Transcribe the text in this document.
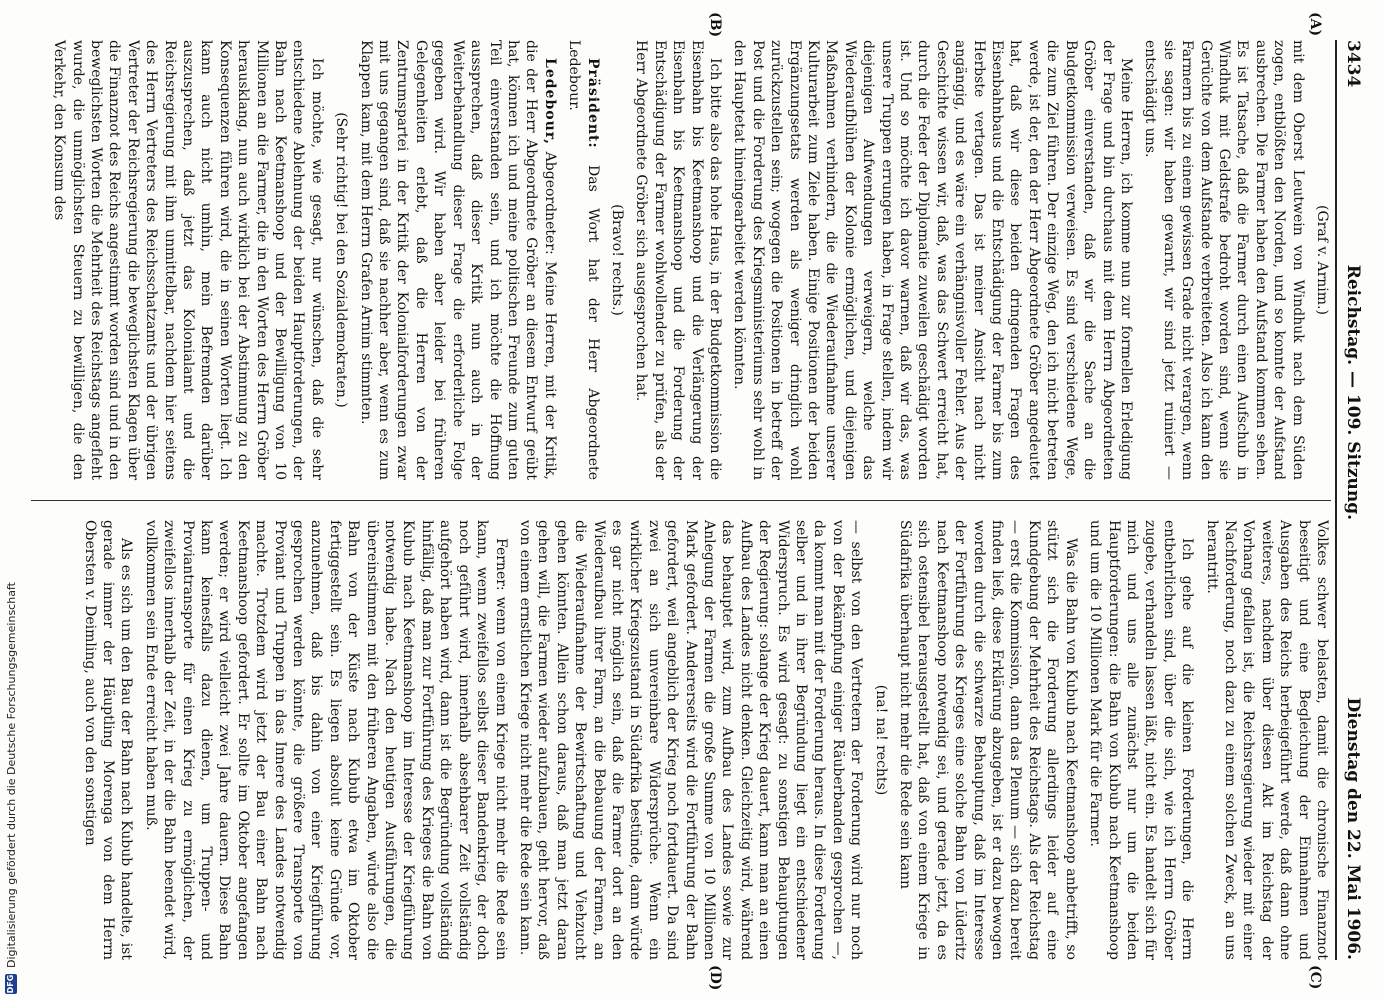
3434
Reichstag. — 109. Sitzung.
Dienstag den 22. Mai 1906.
(A)
(B)
(C)
(D)

(Graf v. Arnim.)

mit dem Oberst Leutwein von Windhuk nach dem Süden zogen, entblößten den Norden, und so konnte der Aufstand ausbrechen. Die Farmer haben den Aufstand kommen sehen. Es ist Tatsache, daß die Farmer durch einen Aufschub in Windhuk mit Geldstrafe bedroht worden sind, wenn sie Gerüchte von dem Aufstande verbreiteten. Also ich kann den Farmern bis zu einem gewissen Grade nicht verargen, wenn sie sagen: wir haben gewarnt, wir sind jetzt ruiniert — entschädigt uns.

Meine Herren, ich komme nun zur formellen Erledigung der Frage und bin durchaus mit dem Herrn Abgeordneten Gröber einverstanden, daß wir die Sache an die Budgetkommission verweisen. Es sind verschiedene Wege, die zum Ziel führen. Der einzige Weg, den ich nicht betreten werde, ist der, den der Herr Abgeordnete Gröber angedeutet hat, daß wir diese beiden dringenden Fragen des Eisenbahnbaus und die Entschädigung der Farmer bis zum Herbste vertagen. Das ist meiner Ansicht nach nicht angängig, und es wäre ein verhängnisvoller Fehler. Aus der Geschichte wissen wir, daß, was das Schwert erreicht hat, durch die Feder der Diplomatie zuweilen geschädigt worden ist. Und so möchte ich davor warnen, daß wir das, was unsere Truppen errungen haben, in Frage stellen, indem wir diejenigen Aufwendungen verweigern, welche das Wiederaufblühen der Kolonie ermöglichen, und diejenigen Maßnahmen verhindern, die die Wiederaufnahme unserer Kulturarbeit zum Ziele haben. Einige Positionen der beiden Ergänzungsetats werden als weniger dringlich wohl zurückzustellen sein; wogegen die Positionen in betreff der Post und die Forderung des Kriegsministeriums sehr wohl in den Hauptetat hineingearbeitet werden könnten.

Ich bitte also das hohe Haus, in der Budgetkommission die Eisenbahn bis Keetmanshoop und die Verlängerung der Eisenbahn bis Keetmanshoop und die Forderung der Entschädigung der Farmer wohlwollender zu prüfen, als der Herr Abgeordnete Gröber sich ausgesprochen hat.

(Bravo! rechts.)

Präsident: Das Wort hat der Herr Abgeordnete Ledebour.

Ledebour, Abgeordneter: Meine Herren, mit der Kritik, die der Herr Abgeordnete Gröber an diesem Entwurf geübt hat, können ich und meine politischen Freunde zum guten Teil einverstanden sein, und ich möchte die Hoffnung aussprechen, daß dieser Kritik nun auch in der Weiterbehandlung dieser Frage die erforderliche Folge gegeben wird. Wir haben aber leider bei früheren Gelegenheiten erlebt, daß die Herren von der Zentrumspartei in der Kritik der Kolonialforderungen zwar mit uns gegangen sind, daß sie nachher aber, wenn es zum Klappen kam, mit dem Herrn Grafen Arnim stimmten.

(Sehr richtig! bei den Sozialdemokraten.)

Ich möchte, wie gesagt, nur wünschen, daß die sehr entschiedene Ablehnung der beiden Hauptforderungen, der Bahn nach Keetmanshoop und der Bewilligung von 10 Millionen an die Farmer, die in den Worten des Herrn Gröber herausklang, nun auch wirklich bei der Abstimmung zu den Konsequenzen führen wird, die in seinen Worten liegt. Ich kann auch nicht umhin, mein Befremden darüber auszusprechen, daß jetzt das Kolonialamt und die Reichsregierung mit ihm unmittelbar, nachdem hier seitens des Herrn Vertreters des Reichsschatzamts und der übrigen Vertreter der Reichsregierung die beweglichsten Klagen über die Finanznot des Reichs angestimmt worden sind und in den beweglichsten Worten die Mehrheit des Reichstags angefleht wurde, die unmöglichsten Steuern zu bewilligen, die den Verkehr, den Konsum des

Volkes schwer belasten, damit die chronische Finanznot beseitigt und eine Begleichung der Einnahmen und Ausgaben des Reichs herbeigeführt werde, daß dann ohne weiteres, nachdem über diesen Akt im Reichstag der Vorhang gefallen ist, die Reichsregierung wieder mit einer Nachforderung, noch dazu zu einem solchen Zweck, an uns herantritt.

Ich gehe auf die kleinen Forderungen, die Herrn entbehrlichen sind, über die sich, wie ich Herrn Gröber zugebe, verhandeln lassen läßt, nicht ein. Es handelt sich für mich und uns alle zunächst nur um die beiden Hauptforderungen: die Bahn von Kubub nach Keetmanshoop und um die 10 Millionen Mark für die Farmer.

Was die Bahn von Kubub nach Keetmanshoop anbetrifft, so stützt sich die Forderung allerdings leider auf eine Kundgebung der Mehrheit des Reichstags. Als der Reichstag — erst die Kommission, dann das Plenum — sich dazu bereit finden ließ, diese Erklärung abzugeben, ist er dazu bewogen worden durch die schwarze Behauptung, daß im Interesse der Fortführung des Krieges eine solche Bahn von Lüderitz nach Keetmanshoop notwendig sei, und gerade jetzt, da es sich ostensibel herausgestellt hat, daß von einem Kriege in Südafrika überhaupt nicht mehr die Rede sein kann

(na! na! rechts)

— selbst von den Vertretern der Forderung wird nur noch von der Bekämpfung einiger Räuberbanden gesprochen —, da kommt man mit der Forderung heraus. In diese Forderung selber und in ihrer Begründung liegt ein entschiedener Widerspruch. Es wird gesagt: zu sonstigen Behauptungen der Regierung: solange der Krieg dauert, kann man an einen Aufbau des Landes nicht denken. Gleichzeitig wird, während das behauptet wird, zum Aufbau des Landes sowie zur Anlegung der Farmen die große Summe von 10 Millionen Mark gefordert. Andererseits wird die Fortführung der Bahn gefordert, weil angeblich der Krieg noch fortdauert. Da sind zwei an sich unvereinbare Widersprüche. Wenn ein wirklicher Kriegszustand in Südafrika bestünde, dann würde es gar nicht möglich sein, daß die Farmer dort an den Wiederaufbau ihrer Farm, an die Bebauung der Farmen, an die Wiederaufnahme der Bewirtschaftung und Viehzucht gehen könnten. Allein schon daraus, daß man jetzt daran gehen will, die Farmen wieder aufzubauen, geht hervor, daß von einem ernstlichen Kriege nicht mehr die Rede sein kann.

Ferner: wenn von einem Kriege nicht mehr die Rede sein kann, wenn zweifellos selbst dieser Bandenkrieg, der doch noch geführt wird, innerhalb absehbarer Zeit vollständig aufgehört haben wird, dann ist die Begründung vollständig hinfällig, daß man zur Fortführung des Krieges die Bahn von Kubub nach Keetmanshoop im Interesse der Kriegführung notwendig habe. Nach den heutigen Ausführungen, die übereinstimmen mit den früheren Angaben, würde also die Bahn von der Küste nach Kubub etwa im Oktober fertiggestellt sein. Es liegen absolut keine Gründe vor, anzunehmen, daß bis dahin von einer Kriegführung gesprochen werden könnte, die größere Transporte von Proviant und Truppen in das Innere des Landes notwendig machte. Trotzdem wird jetzt der Bau einer Bahn nach Keetmanshoop gefordert. Er sollte im Oktober angefangen werden; er wird vielleicht zwei Jahre dauern. Diese Bahn kann keinesfalls dazu dienen, um Truppen- und Proviantransporte für einen Krieg zu ermöglichen, der zweifellos innerhalb der Zeit, in der die Bahn beendet wird, vollkommen sein Ende erreicht haben muß.

Als es sich um den Bau der Bahn nach Kubub handelte, ist gerade immer der Häuptling Morenga von dem Herrn Obersten v. Deimling, auch von den sonstigen

DFG
Digitalisierung gefördert durch die Deutsche Forschungsgemeinschaft
